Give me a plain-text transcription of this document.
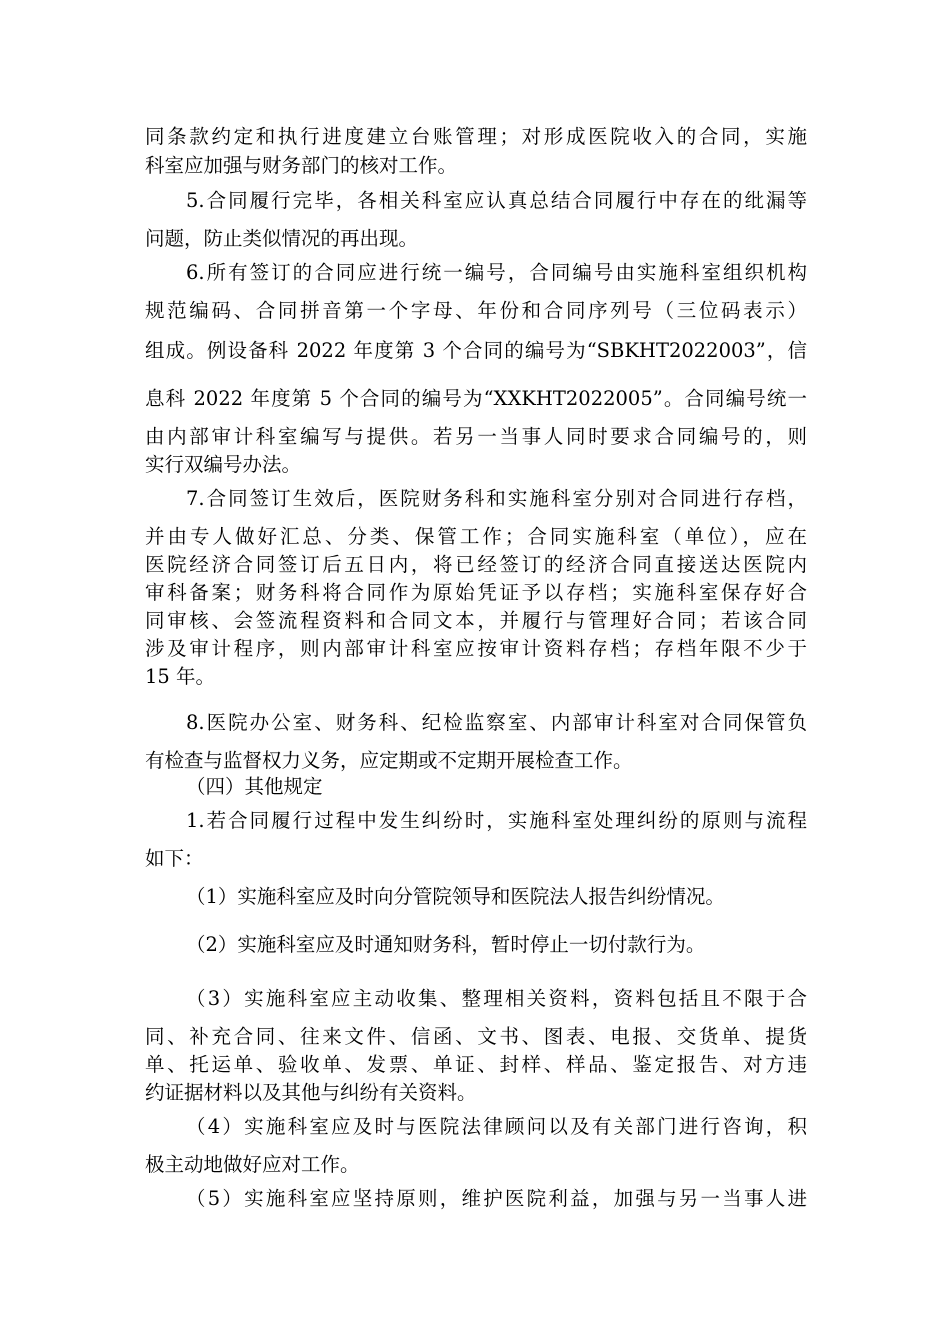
同条款约定和执行进度建立台账管理；对形成医院收入的合同，实施
科室应加强与财务部门的核对工作。
5.合同履行完毕，各相关科室应认真总结合同履行中存在的纰漏等
问题，防止类似情况的再出现。
6.所有签订的合同应进行统一编号，合同编号由实施科室组织机构
规范编码、合同拼音第一个字母、年份和合同序列号（三位码表示）
组成。例设备科 2022 年度第 3 个合同的编号为“SBKHT2022003”，信
息科 2022 年度第 5 个合同的编号为“XXKHT2022005”。合同编号统一
由内部审计科室编写与提供。若另一当事人同时要求合同编号的，则
实行双编号办法。
7.合同签订生效后，医院财务科和实施科室分别对合同进行存档，
并由专人做好汇总、分类、保管工作；合同实施科室（单位），应在
医院经济合同签订后五日内，将已经签订的经济合同直接送达医院内
审科备案；财务科将合同作为原始凭证予以存档；实施科室保存好合
同审核、会签流程资料和合同文本，并履行与管理好合同；若该合同
涉及审计程序，则内部审计科室应按审计资料存档；存档年限不少于
15 年。
8.医院办公室、财务科、纪检监察室、内部审计科室对合同保管负
有检查与监督权力义务，应定期或不定期开展检查工作。
（四）其他规定
1.若合同履行过程中发生纠纷时，实施科室处理纠纷的原则与流程
如下：
（1）实施科室应及时向分管院领导和医院法人报告纠纷情况。
（2）实施科室应及时通知财务科，暂时停止一切付款行为。
（3）实施科室应主动收集、整理相关资料，资料包括且不限于合
同、补充合同、往来文件、信函、文书、图表、电报、交货单、提货
单、托运单、验收单、发票、单证、封样、样品、鉴定报告、对方违
约证据材料以及其他与纠纷有关资料。
（4）实施科室应及时与医院法律顾问以及有关部门进行咨询，积
极主动地做好应对工作。
（5）实施科室应坚持原则，维护医院利益，加强与另一当事人进
